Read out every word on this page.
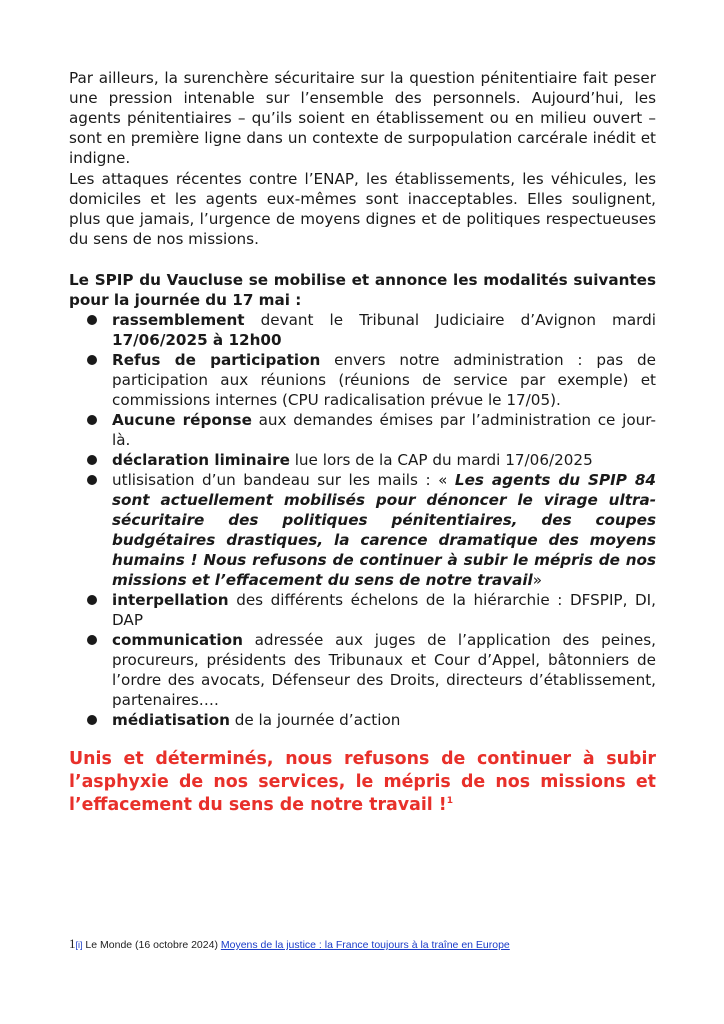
Par ailleurs, la surenchère sécuritaire sur la question pénitentiaire fait peser une pression intenable sur l’ensemble des personnels. Aujourd’hui, les agents pénitentiaires – qu’ils soient en établissement ou en milieu ouvert – sont en première ligne dans un contexte de surpopulation carcérale inédit et indigne.

Les attaques récentes contre l’ENAP, les établissements, les véhicules, les domiciles et les agents eux-mêmes sont inacceptables. Elles soulignent, plus que jamais, l’urgence de moyens dignes et de politiques respectueuses du sens de nos missions.

Le SPIP du Vaucluse se mobilise et annonce les modalités suivantes pour la journée du 17 mai :

rassemblement devant le Tribunal Judiciaire d’Avignon mardi 17/06/2025 à 12h00
Refus de participation envers notre administration : pas de participation aux réunions (réunions de service par exemple) et commissions internes (CPU radicalisation prévue le 17/05).
Aucune réponse aux demandes émises par l’administration ce jour-là.
déclaration liminaire lue lors de la CAP du mardi 17/06/2025
utlisisation d’un bandeau sur les mails : « Les agents du SPIP 84 sont actuellement mobilisés pour dénoncer le virage ultra-sécuritaire des politiques pénitentiaires, des coupes budgétaires drastiques, la carence dramatique des moyens humains ! Nous refusons de continuer à subir le mépris de nos missions et l’effacement du sens de notre travail»
interpellation des différents échelons de la hiérarchie : DFSPIP, DI, DAP
communication adressée aux juges de l’application des peines, procureurs, présidents des Tribunaux et Cour d’Appel, bâtonniers de l’ordre des avocats, Défenseur des Droits, directeurs d’établissement, partenaires….
médiatisation de la journée d’action

Unis et déterminés, nous refusons de continuer à subir l’asphyxie de nos services, le mépris de nos missions et l’effacement du sens de notre travail !$^1$

1[i] Le Monde (16 octobre 2024) Moyens de la justice : la France toujours à la traîne en Europe
